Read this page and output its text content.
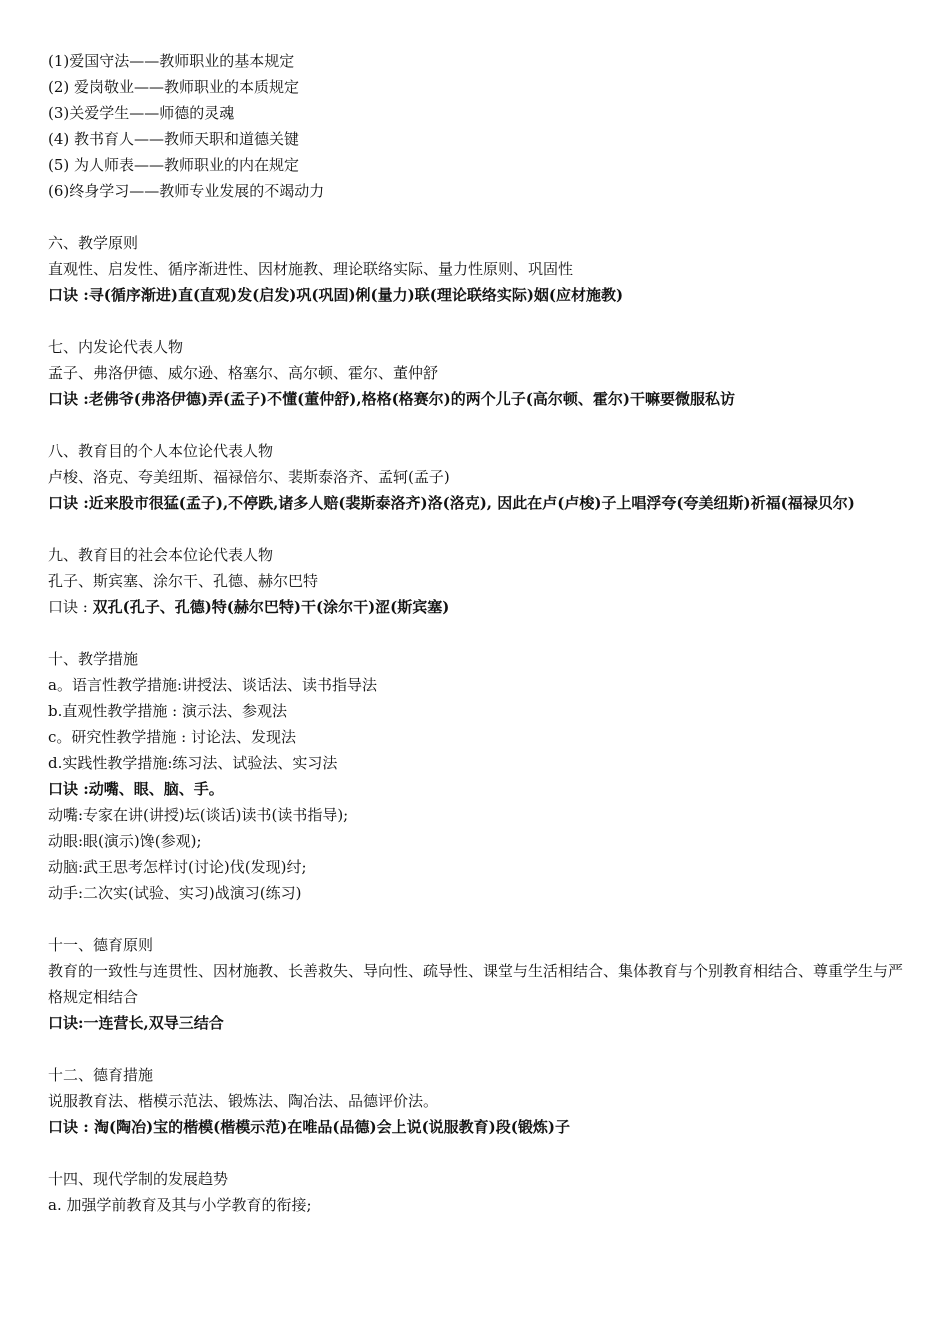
(1)爱国守法——教师职业的基本规定

(2) 爱岗敬业——教师职业的本质规定

(3)关爱学生——师德的灵魂

(4) 教书育人——教师天职和道德关键

(5) 为人师表——教师职业的内在规定

(6)终身学习——教师专业发展的不竭动力

六、教学原则

直观性、启发性、循序渐进性、因材施教、理论联络实际、量力性原则、巩固性

口诀 :寻(循序渐进)直(直观)发(启发)巩(巩固)俐(量力)联(理论联络实际)姻(应材施教)

七、内发论代表人物

孟子、弗洛伊德、威尔逊、格塞尔、高尔顿、霍尔、董仲舒

口诀 :老佛爷(弗洛伊德)弄(孟子)不懂(董仲舒),格格(格赛尔)的两个儿子(高尔顿、霍尔)干嘛要微服私访

八、教育目的个人本位论代表人物

卢梭、洛克、夸美纽斯、福禄倍尔、裴斯泰洛齐、孟轲(孟子)

口诀 :近来股市很猛(孟子),不停跌,诸多人赔(裴斯泰洛齐)洛(洛克), 因此在卢(卢梭)子上唱浮夸(夸美纽斯)祈福(福禄贝尔)

九、教育目的社会本位论代表人物

孔子、斯宾塞、涂尔干、孔德、赫尔巴特

口诀 : 双孔(孔子、孔德)特(赫尔巴特)干(涂尔干)涩(斯宾塞)

十、教学措施

a。语言性教学措施:讲授法、谈话法、读书指导法

b.直观性教学措施 : 演示法、参观法

c。研究性教学措施 : 讨论法、发现法

d.实践性教学措施:练习法、试验法、实习法

口诀 :动嘴、眼、脑、手。

动嘴:专家在讲(讲授)坛(谈话)读书(读书指导);

动眼:眼(演示)馋(参观);

动脑:武王思考怎样讨(讨论)伐(发现)纣;

动手:二次实(试验、实习)战演习(练习)

十一、德育原则

教育的一致性与连贯性、因材施教、长善救失、导向性、疏导性、课堂与生活相结合、集体教育与个别教育相结合、尊重学生与严格规定相结合

口诀:一连营长,双导三结合

十二、德育措施

说服教育法、楷模示范法、锻炼法、陶冶法、品德评价法。

口诀 : 淘(陶冶)宝的楷模(楷模示范)在唯品(品德)会上说(说服教育)段(锻炼)子

十四、现代学制的发展趋势

a. 加强学前教育及其与小学教育的衔接;
